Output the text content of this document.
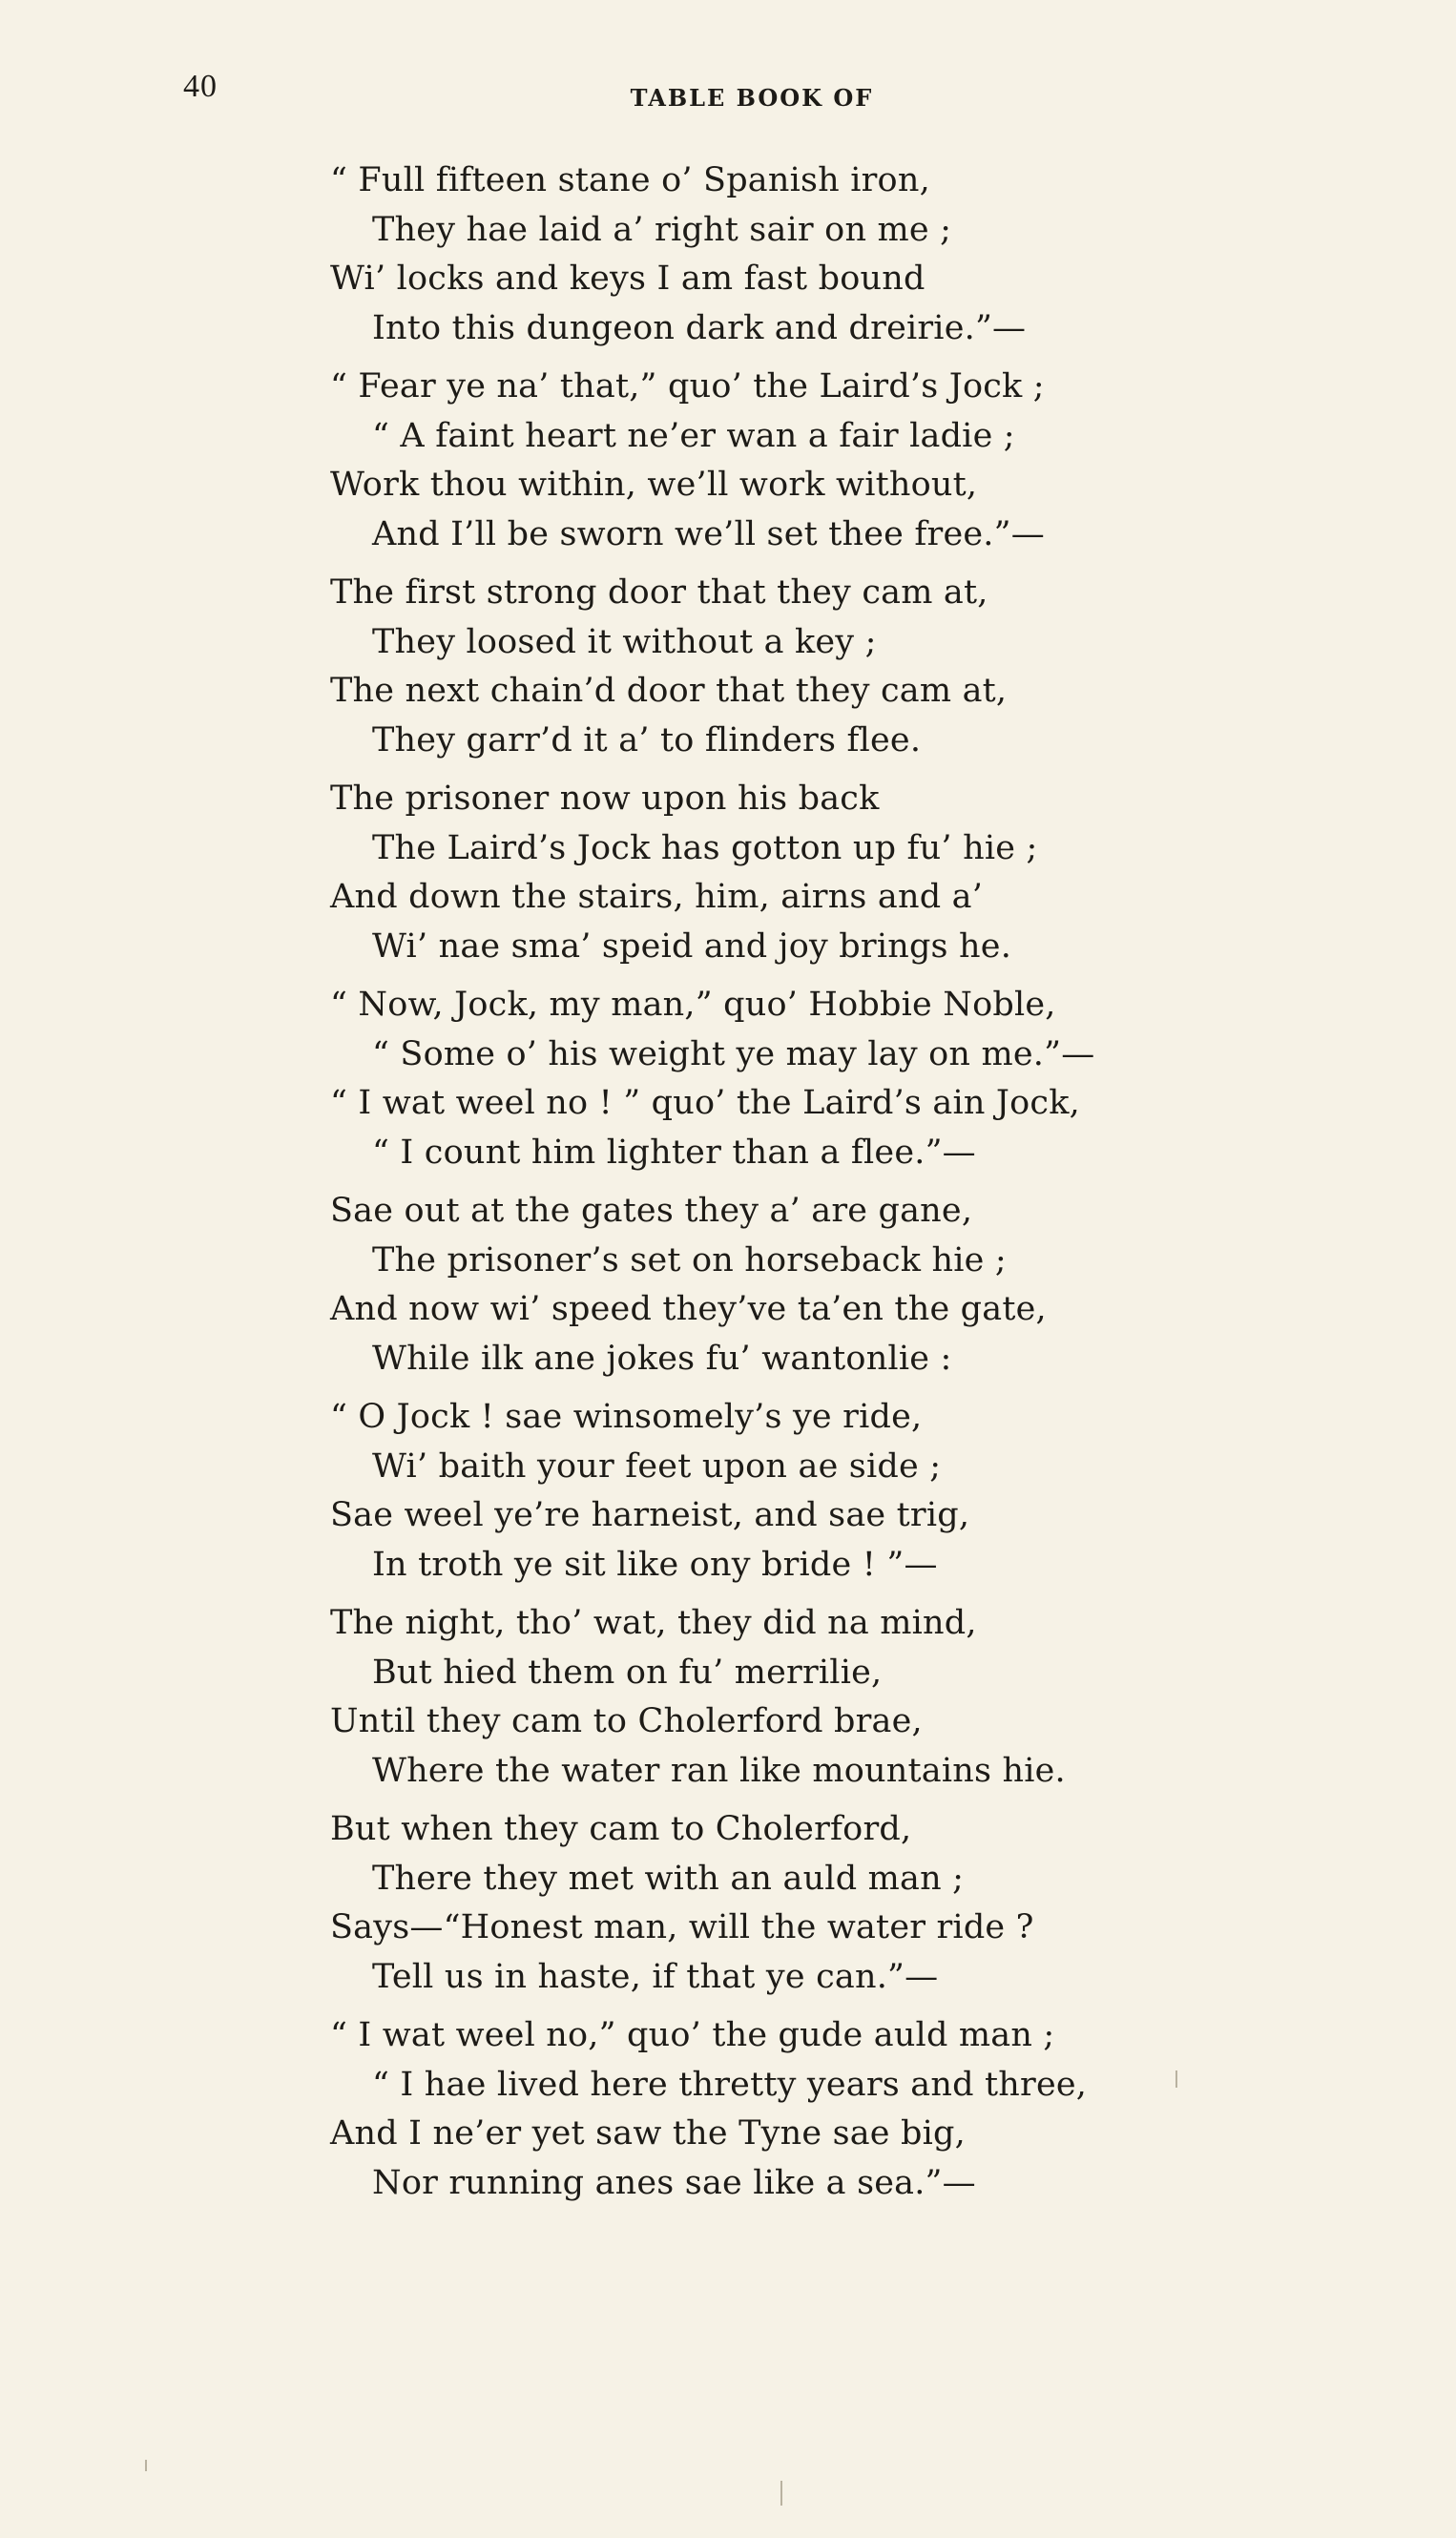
40	TABLE BOOK OF
“ Full fifteen stane o’ Spanish iron,
They hae laid a’ right sair on me ;
Wi’ locks and keys I am fast bound
Into this dungeon dark and dreirie.”—
“ Fear ye na’ that,” quo’ the Laird’s Jock ;
“ A faint heart ne’er wan a fair ladie ;
Work thou within, we’ll work without,
And I’ll be sworn we’ll set thee free.”—
The first strong door that they cam at,
They loosed it without a key ;
The next chain’d door that they cam at,
They garr’d it a’ to flinders flee.
The prisoner now upon his back
The Laird’s Jock has gotton up fu’ hie ;
And down the stairs, him, airns and a’
Wi’ nae sma’ speid and joy brings he.
“ Now, Jock, my man,” quo’ Hobbie Noble,
“ Some o’ his weight ye may lay on me.”—
“ I wat weel no ! ” quo’ the Laird’s ain Jock,
“ I count him lighter than a flee.”—
Sae out at the gates they a’ are gane,
The prisoner’s set on horseback hie ;
And now wi’ speed they’ve ta’en the gate,
While ilk ane jokes fu’ wantonlie :
“ O Jock ! sae winsomely’s ye ride,
Wi’ baith your feet upon ae side ;
Sae weel ye’re harneist, and sae trig,
In troth ye sit like ony bride ! ”—
The night, tho’ wat, they did na mind,
But hied them on fu’ merrilie,
Until they cam to Cholerford brae,
Where the water ran like mountains hie.
But when they cam to Cholerford,
There they met with an auld man ;
Says—“Honest man, will the water ride ?
Tell us in haste, if that ye can.”—
“ I wat weel no,” quo’ the gude auld man ;
“ I hae lived here thretty years and three,
And I ne’er yet saw the Tyne sae big,
Nor running anes sae like a sea.”—
